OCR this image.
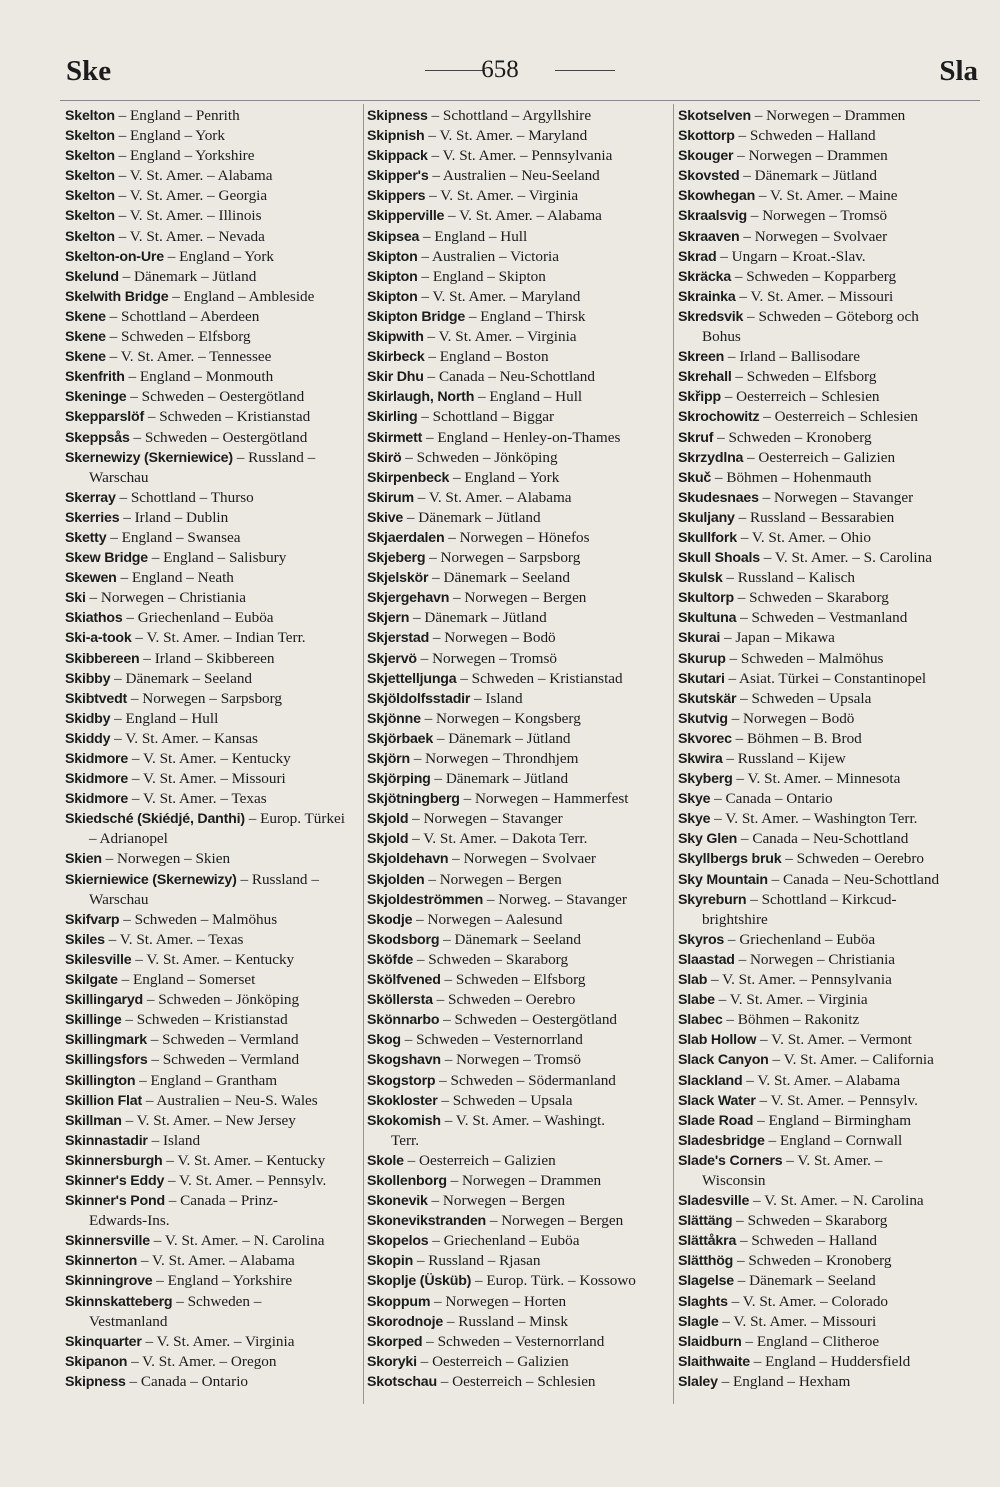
Ske	658	Sla
Skelton – England – Penrith
Skelton – England – York
Skelton – England – Yorkshire
Skelton – V. St. Amer. – Alabama
Skelton – V. St. Amer. – Georgia
Skelton – V. St. Amer. – Illinois
Skelton – V. St. Amer. – Nevada
Skelton-on-Ure – England – York
Skelund – Dänemark – Jütland
Skelwith Bridge – England – Ambleside
Skene – Schottland – Aberdeen
Skene – Schweden – Elfsborg
Skene – V. St. Amer. – Tennessee
Skenfrith – England – Monmouth
Skeninge – Schweden – Oestergötland
Skepparslöf – Schweden – Kristianstad
Skeppsås – Schweden – Oestergötland
Skernewizy (Skerniewice) – Russland –
Warschau
Skerray – Schottland – Thurso
Skerries – Irland – Dublin
Sketty – England – Swansea
Skew Bridge – England – Salisbury
Skewen – England – Neath
Ski – Norwegen – Christiania
Skiathos – Griechenland – Euböa
Ski-a-took – V. St. Amer. – Indian Terr.
Skibbereen – Irland – Skibbereen
Skibby – Dänemark – Seeland
Skibtvedt – Norwegen – Sarpsborg
Skidby – England – Hull
Skiddy – V. St. Amer. – Kansas
Skidmore – V. St. Amer. – Kentucky
Skidmore – V. St. Amer. – Missouri
Skidmore – V. St. Amer. – Texas
Skiedsché (Skiédjé, Danthi) – Europ. Türkei
– Adrianopel
Skien – Norwegen – Skien
Skierniewice (Skernewizy) – Russland –
Warschau
Skifvarp – Schweden – Malmöhus
Skiles – V. St. Amer. – Texas
Skilesville – V. St. Amer. – Kentucky
Skilgate – England – Somerset
Skillingaryd – Schweden – Jönköping
Skillinge – Schweden – Kristianstad
Skillingmark – Schweden – Vermland
Skillingsfors – Schweden – Vermland
Skillington – England – Grantham
Skillion Flat – Australien – Neu-S. Wales
Skillman – V. St. Amer. – New Jersey
Skinnastadir – Island
Skinnersburgh – V. St. Amer. – Kentucky
Skinner's Eddy – V. St. Amer. – Pennsylv.
Skinner's Pond – Canada – Prinz-
Edwards-Ins.
Skinnersville – V. St. Amer. – N. Carolina
Skinnerton – V. St. Amer. – Alabama
Skinningrove – England – Yorkshire
Skinnskatteberg – Schweden –
Vestmanland
Skinquarter – V. St. Amer. – Virginia
Skipanon – V. St. Amer. – Oregon
Skipness – Canada – Ontario
Skipness – Schottland – Argyllshire
Skipnish – V. St. Amer. – Maryland
Skippack – V. St. Amer. – Pennsylvania
Skipper's – Australien – Neu-Seeland
Skippers – V. St. Amer. – Virginia
Skipperville – V. St. Amer. – Alabama
Skipsea – England – Hull
Skipton – Australien – Victoria
Skipton – England – Skipton
Skipton – V. St. Amer. – Maryland
Skipton Bridge – England – Thirsk
Skipwith – V. St. Amer. – Virginia
Skirbeck – England – Boston
Skir Dhu – Canada – Neu-Schottland
Skirlaugh, North – England – Hull
Skirling – Schottland – Biggar
Skirmett – England – Henley-on-Thames
Skirö – Schweden – Jönköping
Skirpenbeck – England – York
Skirum – V. St. Amer. – Alabama
Skive – Dänemark – Jütland
Skjaerdalen – Norwegen – Hönefos
Skjeberg – Norwegen – Sarpsborg
Skjelskör – Dänemark – Seeland
Skjergehavn – Norwegen – Bergen
Skjern – Dänemark – Jütland
Skjerstad – Norwegen – Bodö
Skjervö – Norwegen – Tromsö
Skjettelljunga – Schweden – Kristianstad
Skjöldolfsstadir – Island
Skjönne – Norwegen – Kongsberg
Skjörbaek – Dänemark – Jütland
Skjörn – Norwegen – Throndhjem
Skjörping – Dänemark – Jütland
Skjötningberg – Norwegen – Hammerfest
Skjold – Norwegen – Stavanger
Skjold – V. St. Amer. – Dakota Terr.
Skjoldehavn – Norwegen – Svolvaer
Skjolden – Norwegen – Bergen
Skjoldeströmmen – Norweg. – Stavanger
Skodje – Norwegen – Aalesund
Skodsborg – Dänemark – Seeland
Sköfde – Schweden – Skaraborg
Skölfvened – Schweden – Elfsborg
Sköllersta – Schweden – Oerebro
Skönnarbo – Schweden – Oestergötland
Skog – Schweden – Vesternorrland
Skogshavn – Norwegen – Tromsö
Skogstorp – Schweden – Södermanland
Skokloster – Schweden – Upsala
Skokomish – V. St. Amer. – Washingt.
Terr.
Skole – Oesterreich – Galizien
Skollenborg – Norwegen – Drammen
Skonevik – Norwegen – Bergen
Skonevikstranden – Norwegen – Bergen
Skopelos – Griechenland – Euböa
Skopin – Russland – Rjasan
Skoplje (Üsküb) – Europ. Türk. – Kossowo
Skoppum – Norwegen – Horten
Skorodnoje – Russland – Minsk
Skorped – Schweden – Vesternorrland
Skoryki – Oesterreich – Galizien
Skotschau – Oesterreich – Schlesien
Skotselven – Norwegen – Drammen
Skottorp – Schweden – Halland
Skouger – Norwegen – Drammen
Skovsted – Dänemark – Jütland
Skowhegan – V. St. Amer. – Maine
Skraalsvig – Norwegen – Tromsö
Skraaven – Norwegen – Svolvaer
Skrad – Ungarn – Kroat.-Slav.
Skräcka – Schweden – Kopparberg
Skrainka – V. St. Amer. – Missouri
Skredsvik – Schweden – Göteborg och
Bohus
Skreen – Irland – Ballisodare
Skrehall – Schweden – Elfsborg
Skřipp – Oesterreich – Schlesien
Skrochowitz – Oesterreich – Schlesien
Skruf – Schweden – Kronoberg
Skrzydlna – Oesterreich – Galizien
Skuč – Böhmen – Hohenmauth
Skudesnaes – Norwegen – Stavanger
Skuljany – Russland – Bessarabien
Skullfork – V. St. Amer. – Ohio
Skull Shoals – V. St. Amer. – S. Carolina
Skulsk – Russland – Kalisch
Skultorp – Schweden – Skaraborg
Skultuna – Schweden – Vestmanland
Skurai – Japan – Mikawa
Skurup – Schweden – Malmöhus
Skutari – Asiat. Türkei – Constantinopel
Skutskär – Schweden – Upsala
Skutvig – Norwegen – Bodö
Skvorec – Böhmen – B. Brod
Skwira – Russland – Kijew
Skyberg – V. St. Amer. – Minnesota
Skye – Canada – Ontario
Skye – V. St. Amer. – Washington Terr.
Sky Glen – Canada – Neu-Schottland
Skyllbergs bruk – Schweden – Oerebro
Sky Mountain – Canada – Neu-Schottland
Skyreburn – Schottland – Kirkcud-
brightshire
Skyros – Griechenland – Euböa
Slaastad – Norwegen – Christiania
Slab – V. St. Amer. – Pennsylvania
Slabe – V. St. Amer. – Virginia
Slabec – Böhmen – Rakonitz
Slab Hollow – V. St. Amer. – Vermont
Slack Canyon – V. St. Amer. – California
Slackland – V. St. Amer. – Alabama
Slack Water – V. St. Amer. – Pennsylv.
Slade Road – England – Birmingham
Sladesbridge – England – Cornwall
Slade's Corners – V. St. Amer. –
Wisconsin
Sladesville – V. St. Amer. – N. Carolina
Slättäng – Schweden – Skaraborg
Slättåkra – Schweden – Halland
Slätthög – Schweden – Kronoberg
Slagelse – Dänemark – Seeland
Slaghts – V. St. Amer. – Colorado
Slagle – V. St. Amer. – Missouri
Slaidburn – England – Clitheroe
Slaithwaite – England – Huddersfield
Slaley – England – Hexham
